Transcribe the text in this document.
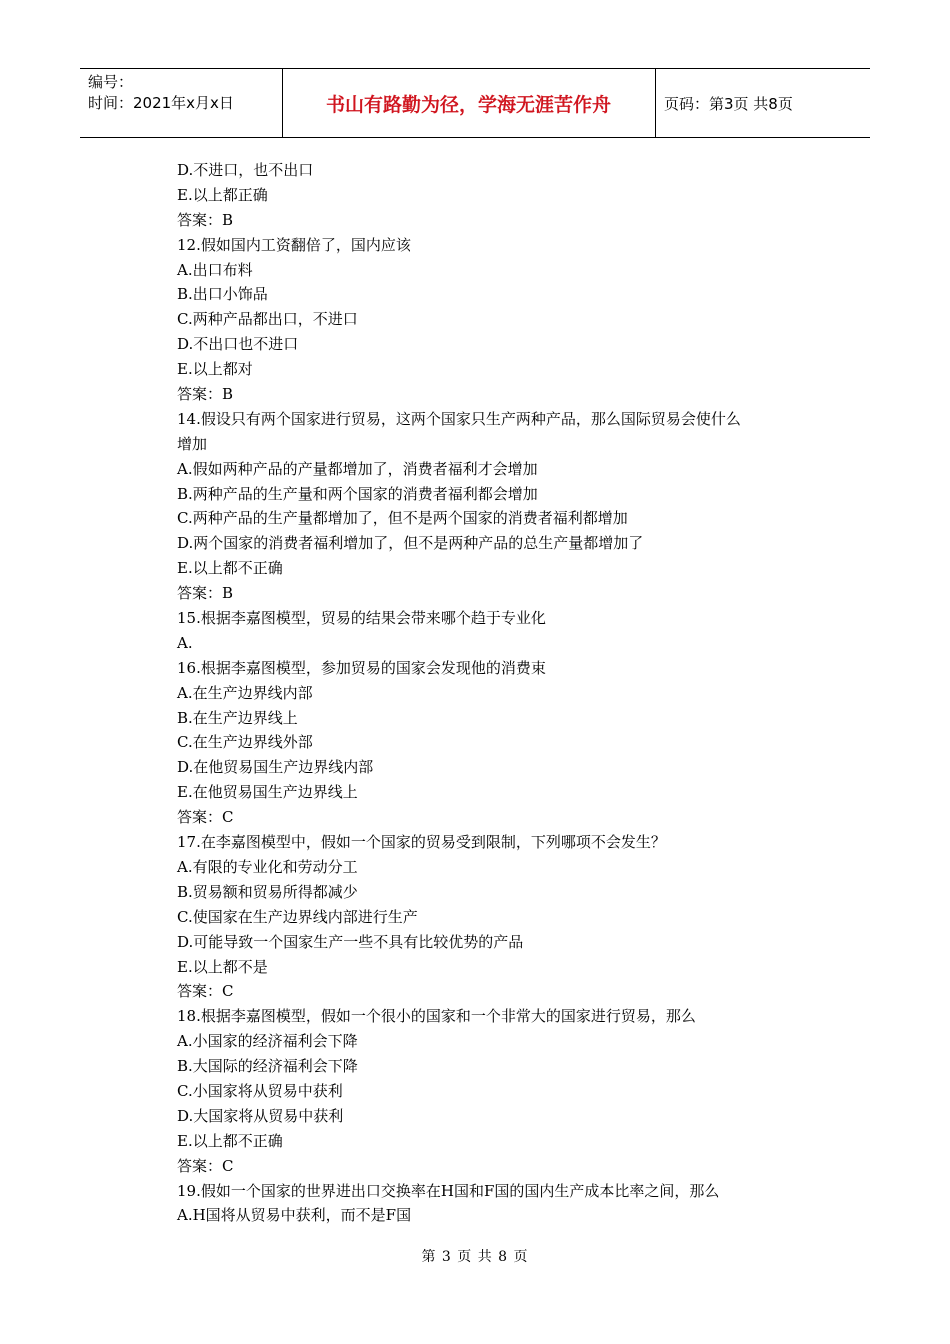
编号：
时间：2021年x月x日	书山有路勤为径，学海无涯苦作舟	页码：第3页 共8页
D.不进口，也不出口
E.以上都正确
答案：B
12.假如国内工资翻倍了，国内应该
A.出口布料
B.出口小饰品
C.两种产品都出口，不进口
D.不出口也不进口
E.以上都对
答案：B
14.假设只有两个国家进行贸易，这两个国家只生产两种产品，那么国际贸易会使什么
增加
A.假如两种产品的产量都增加了，消费者福利才会增加
B.两种产品的生产量和两个国家的消费者福利都会增加
C.两种产品的生产量都增加了，但不是两个国家的消费者福利都增加
D.两个国家的消费者福利增加了，但不是两种产品的总生产量都增加了
E.以上都不正确
答案：B
15.根据李嘉图模型，贸易的结果会带来哪个趋于专业化
A.
16.根据李嘉图模型，参加贸易的国家会发现他的消费束
A.在生产边界线内部
B.在生产边界线上
C.在生产边界线外部
D.在他贸易国生产边界线内部
E.在他贸易国生产边界线上
答案：C
17.在李嘉图模型中，假如一个国家的贸易受到限制，下列哪项不会发生？
A.有限的专业化和劳动分工
B.贸易额和贸易所得都减少
C.使国家在生产边界线内部进行生产
D.可能导致一个国家生产一些不具有比较优势的产品
E.以上都不是
答案：C
18.根据李嘉图模型，假如一个很小的国家和一个非常大的国家进行贸易，那么
A.小国家的经济福利会下降
B.大国际的经济福利会下降
C.小国家将从贸易中获利
D.大国家将从贸易中获利
E.以上都不正确
答案：C
19.假如一个国家的世界进出口交换率在H国和F国的国内生产成本比率之间，那么
A.H国将从贸易中获利，而不是F国
第 3 页 共 8 页
